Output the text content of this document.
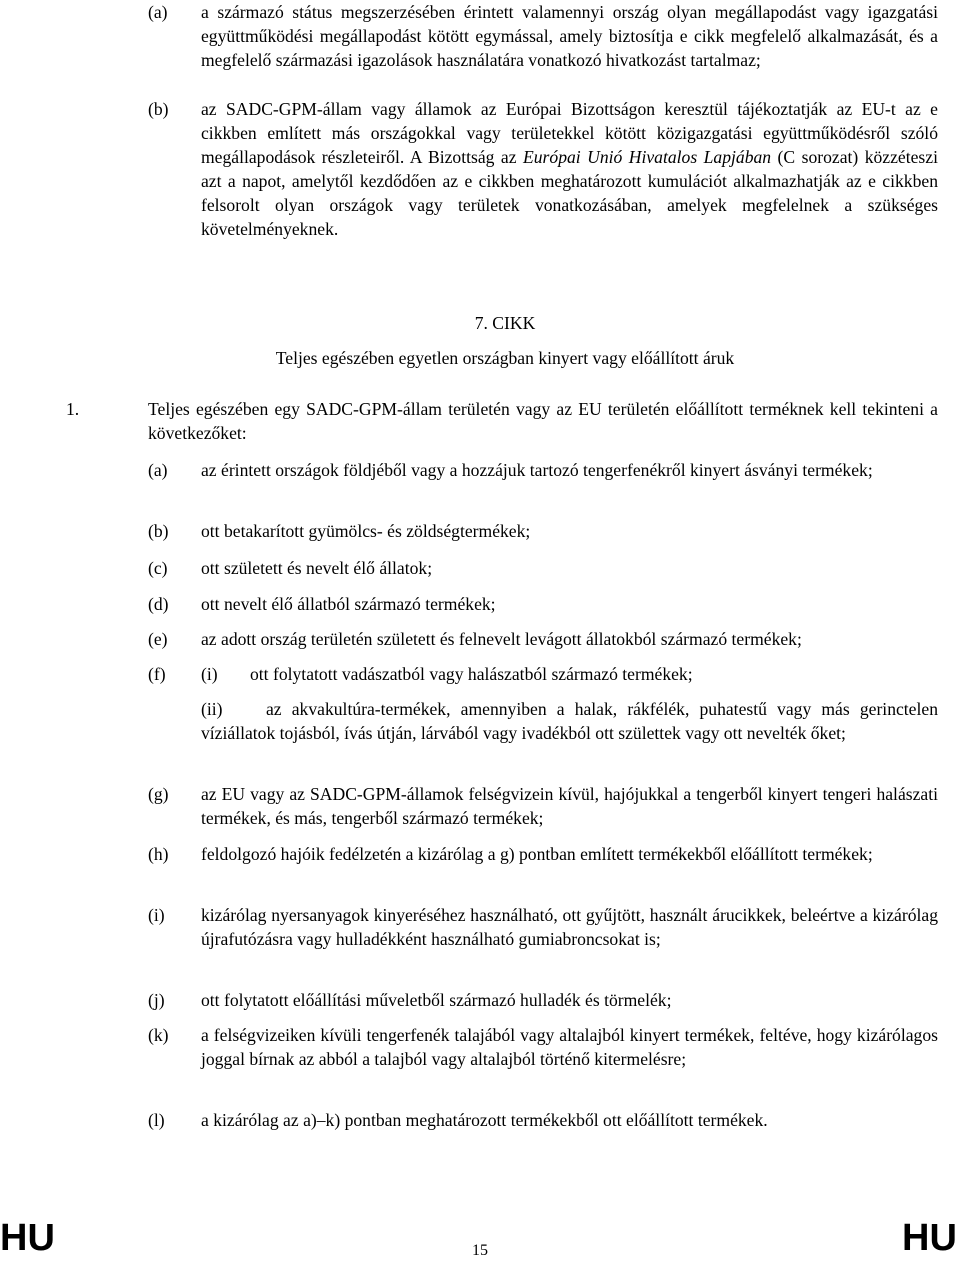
(a) a származó státus megszerzésében érintett valamennyi ország olyan megállapodást vagy igazgatási együttműködési megállapodást kötött egymással, amely biztosítja e cikk megfelelő alkalmazását, és a megfelelő származási igazolások használatára vonatkozó hivatkozást tartalmaz;
(b) az SADC-GPM-állam vagy államok az Európai Bizottságon keresztül tájékoztatják az EU-t az e cikkben említett más országokkal vagy területekkel kötött közigazgatási együttműködésről szóló megállapodások részleteiről. A Bizottság az Európai Unió Hivatalos Lapjában (C sorozat) közzéteszi azt a napot, amelytől kezdődően az e cikkben meghatározott kumulációt alkalmazhatják az e cikkben felsorolt olyan országok vagy területek vonatkozásában, amelyek megfelelnek a szükséges követelményeknek.
7. CIKK
Teljes egészében egyetlen országban kinyert vagy előállított áruk
1.	Teljes egészében egy SADC-GPM-állam területén vagy az EU területén előállított terméknek kell tekinteni a következőket:
(a) az érintett országok földjéből vagy a hozzájuk tartozó tengerfenékről kinyert ásványi termékek;
(b) ott betakarított gyümölcs- és zöldségtermékek;
(c) ott született és nevelt élő állatok;
(d) ott nevelt élő állatból származó termékek;
(e) az adott ország területén született és felnevelt levágott állatokból származó termékek;
(f) (i) ott folytatott vadászatból vagy halászatból származó termékek;
(ii) az akvakultúra-termékek, amennyiben a halak, rákfélék, puhatestű vagy más gerinctelen víziállatok tojásból, ívás útján, lárvából vagy ivadékból ott születtek vagy ott nevelték őket;
(g) az EU vagy az SADC-GPM-államok felségvizein kívül, hajójukkal a tengerből kinyert tengeri halászati termékek, és más, tengerből származó termékek;
(h) feldolgozó hajóik fedélzetén a kizárólag a g) pontban említett termékekből előállított termékek;
(i) kizárólag nyersanyagok kinyeréséhez használható, ott gyűjtött, használt árucikkek, beleértve a kizárólag újrafutózásra vagy hulladékként használható gumiabroncsokat is;
(j) ott folytatott előállítási műveletből származó hulladék és törmelék;
(k) a felségvizeiken kívüli tengerfenék talajából vagy altalajból kinyert termékek, feltéve, hogy kizárólagos joggal bírnak az abból a talajból vagy altalajból történő kitermelésre;
(l) a kizárólag az a)–k) pontban meghatározott termékekből ott előállított termékek.
HU	15	HU
